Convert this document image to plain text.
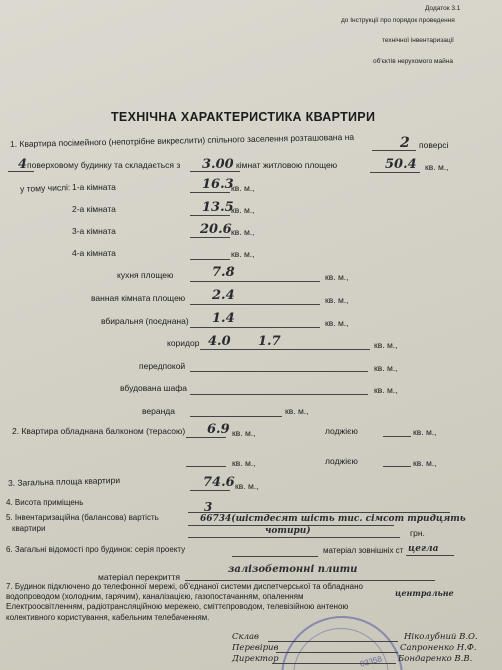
Додаток 3.1
до Інструкції про порядок проведення
технічної інвентаризації
об'єктів нерухомого майна
ТЕХНІЧНА ХАРАКТЕРИСТИКА КВАРТИРИ
1. Квартира посімейного (непотрібне викреслити) спільного заселення розташована на	2 поверсі
4 поверховому будинку та складається з 3.00 кімнат житловою площею	50.4 кв. м.,
у тому числі: 1-а кімната	16.3
кв. м.,
2-а кімната	13.5
кв. м.,
3-а кімната	20.6 кв. м.,
4-а кімната	кв. м.,
кухня площею	7.8	кв. м.,
ванная кімната площею 2.4	кв. м.,
вбиральня (поєднана) 1.4	кв. м.,
коридор 4.0 1.7	кв. м.,
передпокой	кв. м.,
вбудована шафа	кв. м.,
веранда	кв. м.,
2. Квартира обладнана балконом (терасою) 6.9 кв. м.,	лоджією	кв. м.,
кв. м.,	лоджією	кв. м.,
3. Загальна площа квартири	74.6 кв. м.,
4. Висота приміщень	3
5. Інвентаризаційна (балансова) вартість
квартири
66734(шістдесят шість тис. сімсот тридцять
чотири)	грн.
6. Загальні відомості про будинок: серія проекту	матеріал зовнішніх ст цегла
матеріал перекриття
залізобетонні плити
7. Будинок підключено до телефонної мережі, об'єднаної системи диспетчерської та обладнано
водопроводом (холодним, гарячим), каналізацією, газопостачанням, опаленням	центральне
Електроосвітленням, радіотрансляційною мережею, сміттєпроводом, телевізійною антеною
колективного користування, кабельним телебаченням.
03358
Склав	Ніколубний В.О.
Перевірив	Сапроненко Н.Ф.
Директор	Бондаренко В.В.
